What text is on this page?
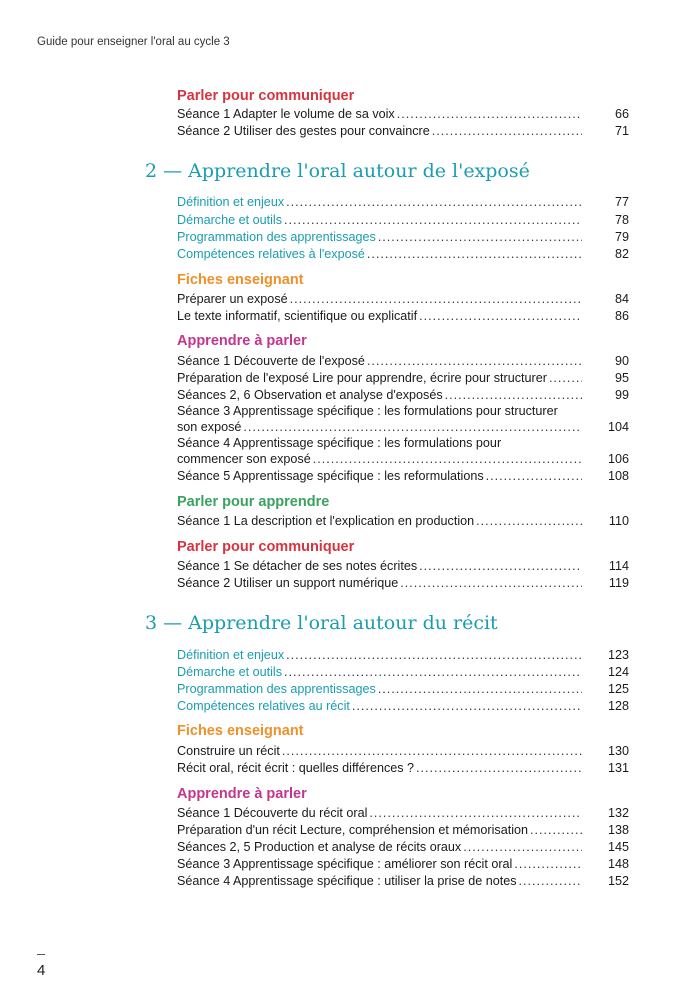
Guide pour enseigner l'oral au cycle 3
Parler pour communiquer
Séance 1 Adapter le volume de sa voix .....	66
Séance 2 Utiliser des gestes pour convaincre .....	71
2 — Apprendre l'oral autour de l'exposé
Définition et enjeux .....	77
Démarche et outils .....	78
Programmation des apprentissages .....	79
Compétences relatives à l'exposé .....	82
Fiches enseignant
Préparer un exposé .....	84
Le texte informatif, scientifique ou explicatif .....	86
Apprendre à parler
Séance 1 Découverte de l'exposé .....	90
Préparation de l'exposé Lire pour apprendre, écrire pour structurer .....	95
Séances 2, 6 Observation et analyse d'exposés .....	99
Séance 3 Apprentissage spécifique : les formulations pour structurer
son exposé .....	104
Séance 4 Apprentissage spécifique : les formulations pour
commencer son exposé .....	106
Séance 5 Apprentissage spécifique : les reformulations .....	108
Parler pour apprendre
Séance 1 La description et l'explication en production .....	110
Parler pour communiquer
Séance 1 Se détacher de ses notes écrites .....	114
Séance 2 Utiliser un support numérique .....	119
3 — Apprendre l'oral autour du récit
Définition et enjeux .....	123
Démarche et outils .....	124
Programmation des apprentissages .....	125
Compétences relatives au récit .....	128
Fiches enseignant
Construire un récit .....	130
Récit oral, récit écrit : quelles différences ? .....	131
Apprendre à parler
Séance 1 Découverte du récit oral .....	132
Préparation d'un récit Lecture, compréhension et mémorisation .....	138
Séances 2, 5 Production et analyse de récits oraux .....	145
Séance 3 Apprentissage spécifique : améliorer son récit oral .....	148
Séance 4 Apprentissage spécifique : utiliser la prise de notes .....	152
4
